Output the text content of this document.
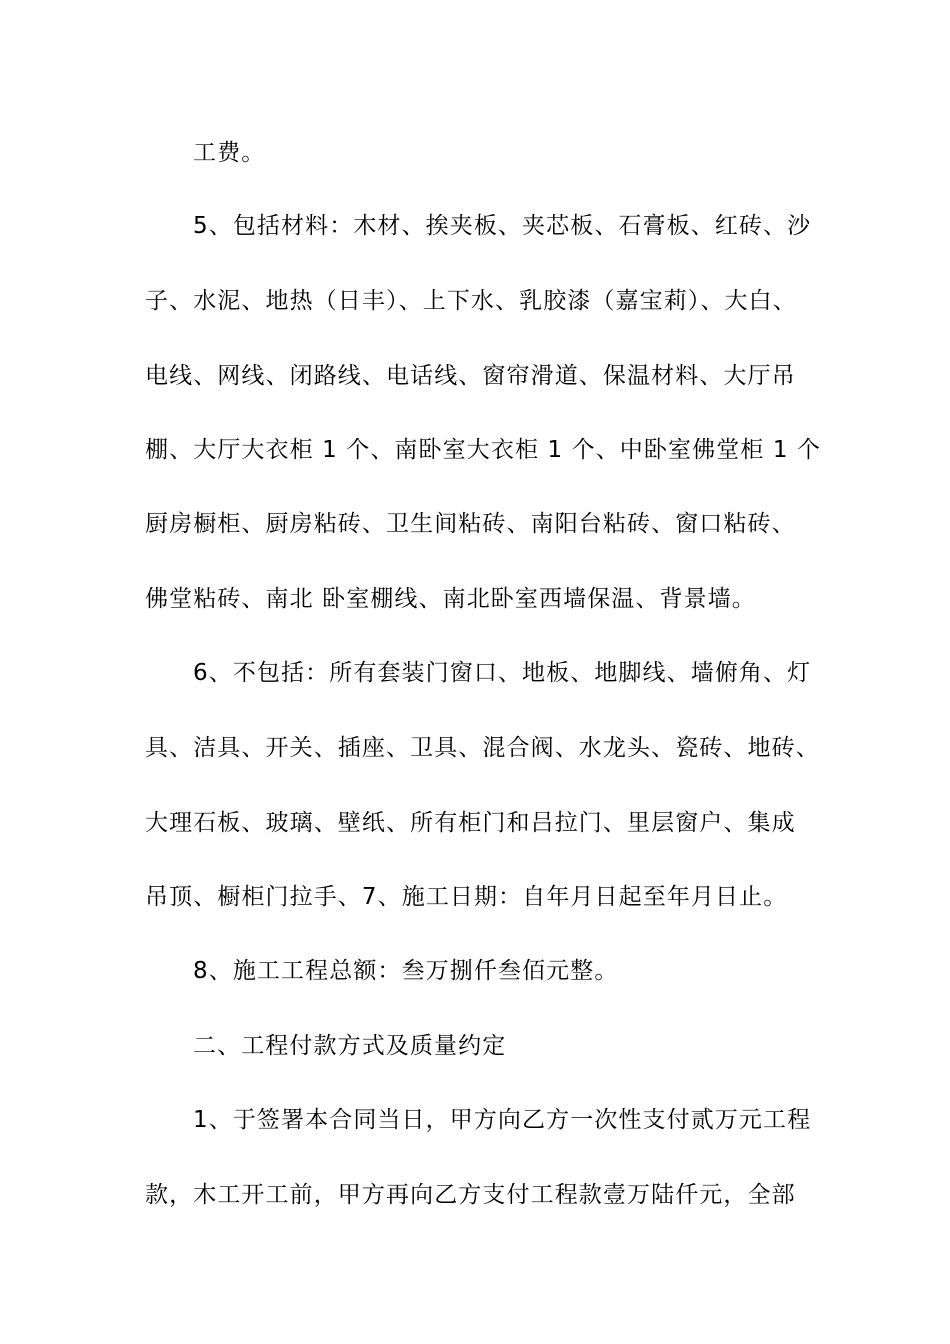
工费。
5、包括材料：木材、挨夹板、夹芯板、石膏板、红砖、沙
子、水泥、地热（日丰）、上下水、乳胶漆（嘉宝莉）、大白、
电线、网线、闭路线、电话线、窗帘滑道、保温材料、大厅吊
棚、大厅大衣柜 1 个、南卧室大衣柜 1 个、中卧室佛堂柜 1 个
厨房橱柜、厨房粘砖、卫生间粘砖、南阳台粘砖、窗口粘砖、
佛堂粘砖、南北 卧室棚线、南北卧室西墙保温、背景墙。
6、不包括：所有套装门窗口、地板、地脚线、墙俯角、灯
具、洁具、开关、插座、卫具、混合阀、水龙头、瓷砖、地砖、
大理石板、玻璃、壁纸、所有柜门和吕拉门、里层窗户、集成
吊顶、橱柜门拉手、7、施工日期：自年月日起至年月日止。
8、施工工程总额：叁万捌仟叁佰元整。
二、工程付款方式及质量约定
1、于签署本合同当日，甲方向乙方一次性支付贰万元工程
款，木工开工前，甲方再向乙方支付工程款壹万陆仟元，全部
